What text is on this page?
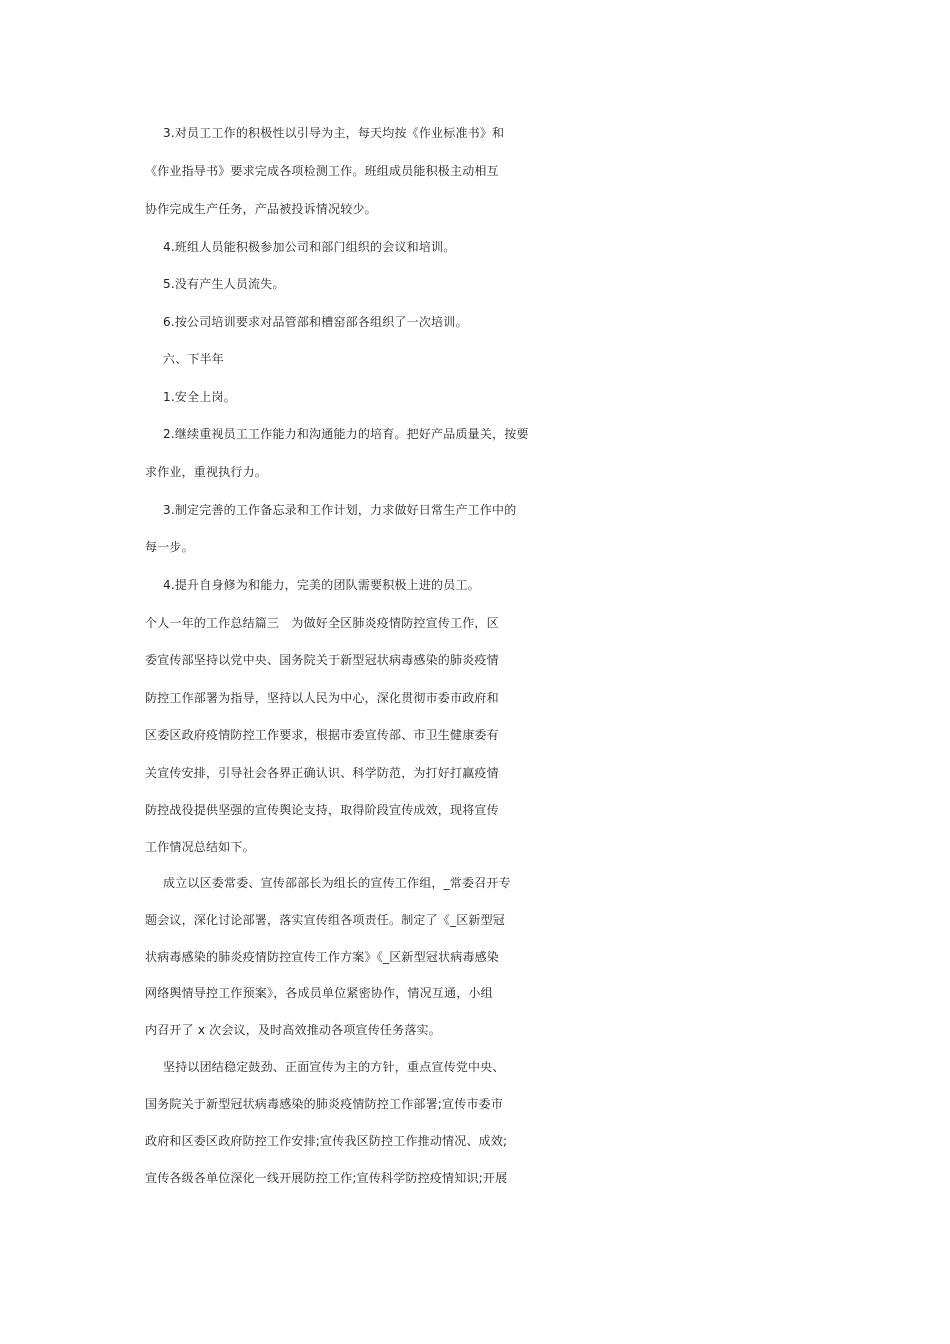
3.对员工工作的积极性以引导为主，每天均按《作业标准书》和

《作业指导书》要求完成各项检测工作。班组成员能积极主动相互

协作完成生产任务，产品被投诉情况较少。

4.班组人员能积极参加公司和部门组织的会议和培训。

5.没有产生人员流失。

6.按公司培训要求对品管部和槽窑部各组织了一次培训。

六、下半年

1.安全上岗。

2.继续重视员工工作能力和沟通能力的培育。把好产品质量关，按要

求作业，重视执行力。

3.制定完善的工作备忘录和工作计划，力求做好日常生产工作中的

每一步。

4.提升自身修为和能力，完美的团队需要积极上进的员工。

个人一年的工作总结篇三　为做好全区肺炎疫情防控宣传工作，区

委宣传部坚持以党中央、国务院关于新型冠状病毒感染的肺炎疫情

防控工作部署为指导，坚持以人民为中心，深化贯彻市委市政府和

区委区政府疫情防控工作要求，根据市委宣传部、市卫生健康委有

关宣传安排，引导社会各界正确认识、科学防范，为打好打赢疫情

防控战役提供坚强的宣传舆论支持，取得阶段宣传成效，现将宣传

工作情况总结如下。

成立以区委常委、宣传部部长为组长的宣传工作组，_常委召开专

题会议，深化讨论部署，落实宣传组各项责任。制定了《_区新型冠

状病毒感染的肺炎疫情防控宣传工作方案》《_区新型冠状病毒感染

网络舆情导控工作预案》，各成员单位紧密协作，情况互通，小组

内召开了 x 次会议，及时高效推动各项宣传任务落实。

坚持以团结稳定鼓劲、正面宣传为主的方针，重点宣传党中央、

国务院关于新型冠状病毒感染的肺炎疫情防控工作部署;宣传市委市

政府和区委区政府防控工作安排;宣传我区防控工作推动情况、成效;

宣传各级各单位深化一线开展防控工作;宣传科学防控疫情知识;开展
